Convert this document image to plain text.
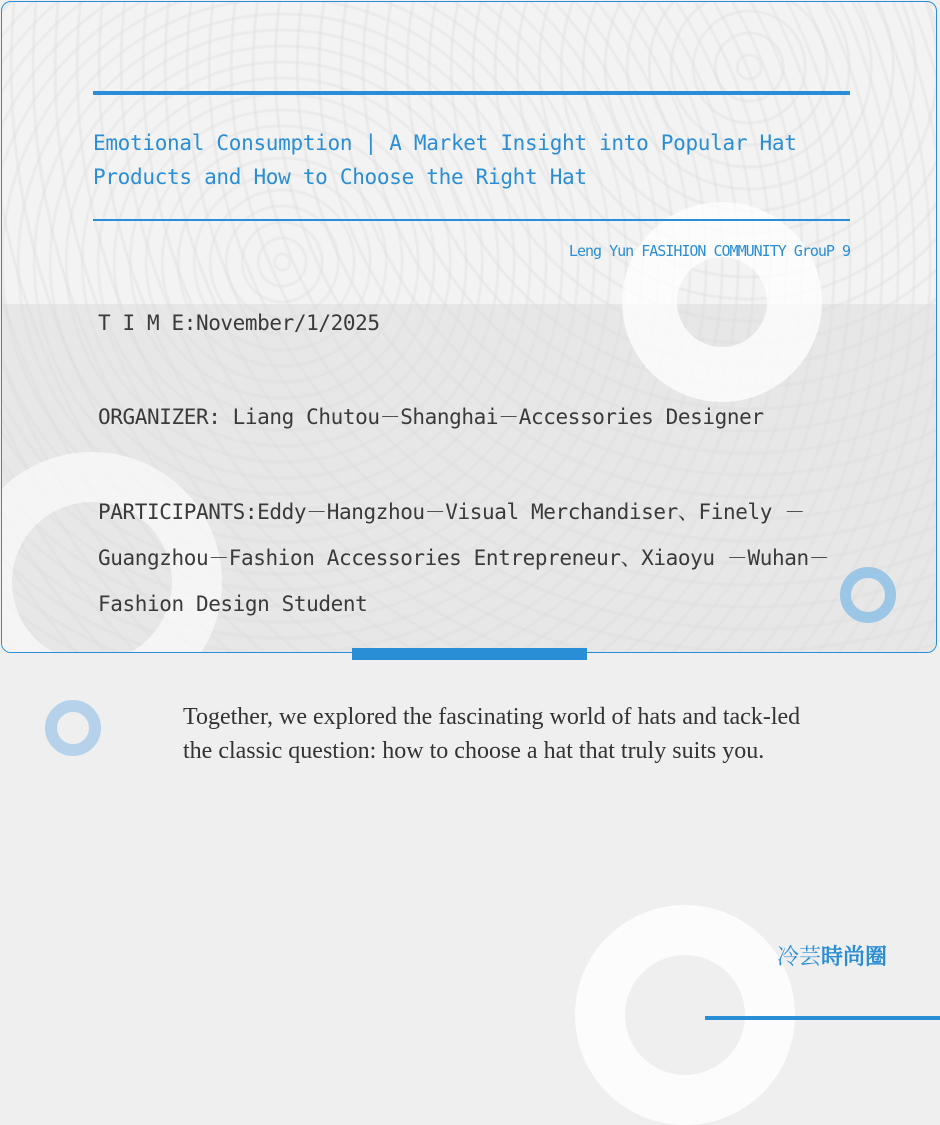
Emotional Consumption | A Market Insight into Popular Hat Products and How to Choose the Right Hat
Leng Yun FASIHION COMMUNITY GrouP 9
T I M E:November/1/2025
ORGANIZER: Liang Chutou－Shanghai－Accessories Designer
PARTICIPANTS:Eddy－Hangzhou－Visual Merchandiser、Finely －Guangzhou－Fashion Accessories Entrepreneur、Xiaoyu －Wuhan－Fashion Design Student
Together, we explored the fascinating world of hats and tack-led the classic question: how to choose a hat that truly suits you.
冷芸時尚圈
